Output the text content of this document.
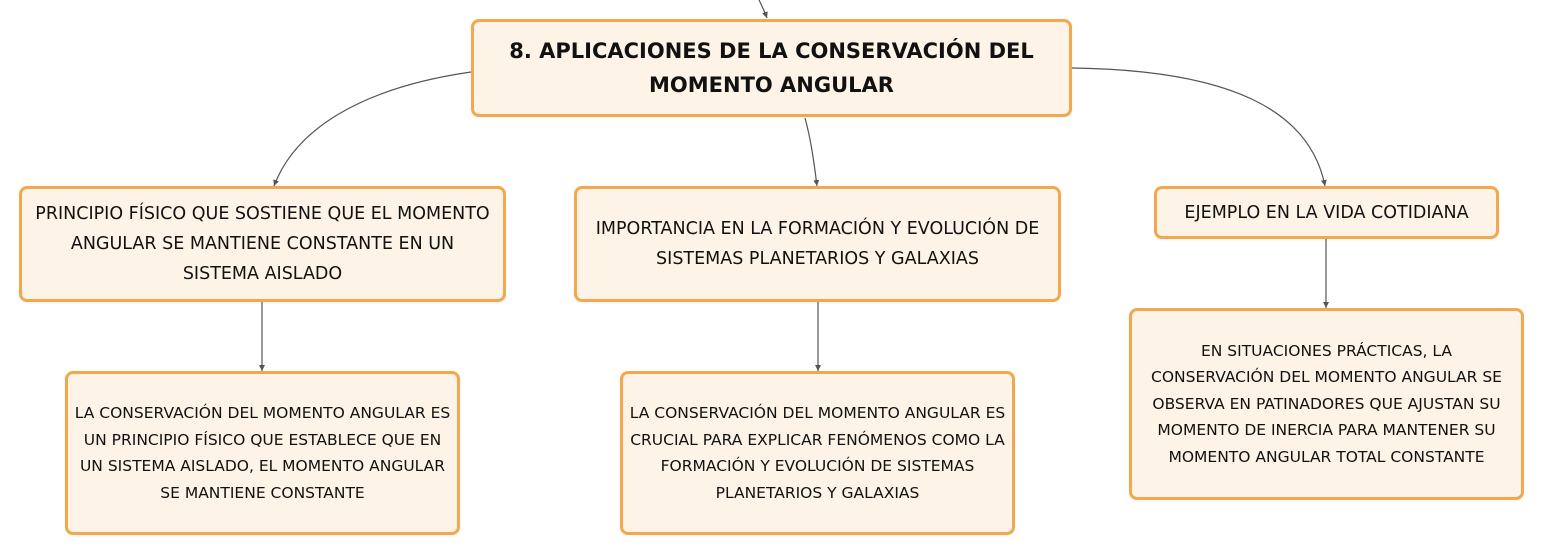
8. APLICACIONES DE LA CONSERVACIÓN DEL MOMENTO ANGULAR
PRINCIPIO FÍSICO QUE SOSTIENE QUE EL MOMENTO ANGULAR SE MANTIENE CONSTANTE EN UN SISTEMA AISLADO
IMPORTANCIA EN LA FORMACIÓN Y EVOLUCIÓN DE SISTEMAS PLANETARIOS Y GALAXIAS
EJEMPLO EN LA VIDA COTIDIANA
LA CONSERVACIÓN DEL MOMENTO ANGULAR ES UN PRINCIPIO FÍSICO QUE ESTABLECE QUE EN UN SISTEMA AISLADO, EL MOMENTO ANGULAR SE MANTIENE CONSTANTE
LA CONSERVACIÓN DEL MOMENTO ANGULAR ES CRUCIAL PARA EXPLICAR FENÓMENOS COMO LA FORMACIÓN Y EVOLUCIÓN DE SISTEMAS PLANETARIOS Y GALAXIAS
EN SITUACIONES PRÁCTICAS, LA CONSERVACIÓN DEL MOMENTO ANGULAR SE OBSERVA EN PATINADORES QUE AJUSTAN SU MOMENTO DE INERCIA PARA MANTENER SU MOMENTO ANGULAR TOTAL CONSTANTE
